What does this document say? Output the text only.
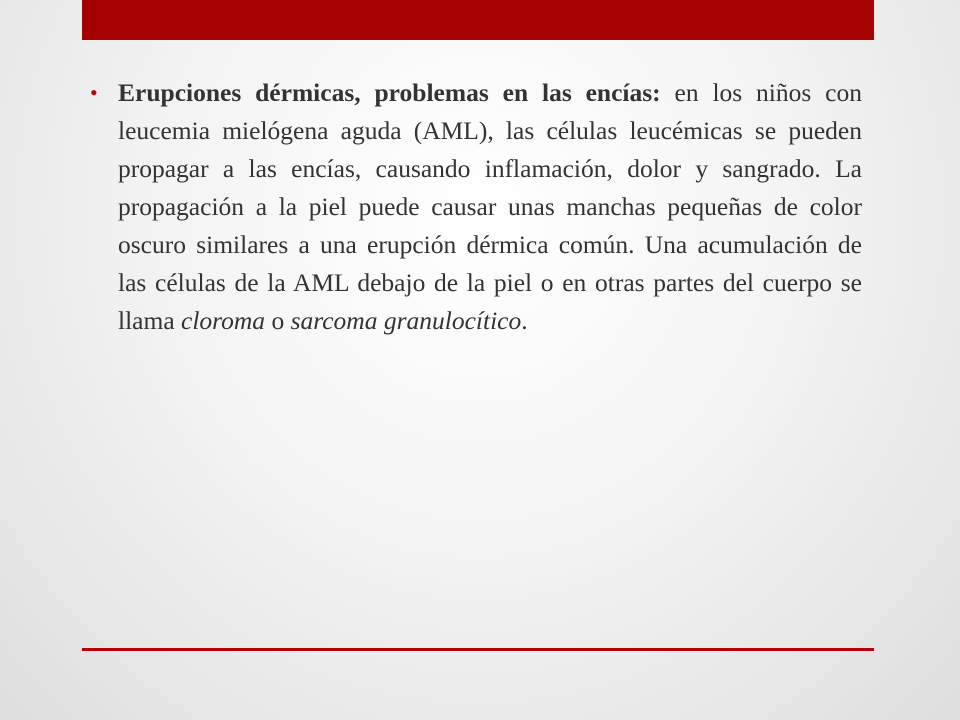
• Erupciones dérmicas, problemas en las encías: en los niños con leucemia mielógena aguda (AML), las células leucémicas se pueden propagar a las encías, causando inflamación, dolor y sangrado. La propagación a la piel puede causar unas manchas pequeñas de color oscuro similares a una erupción dérmica común. Una acumulación de las células de la AML debajo de la piel o en otras partes del cuerpo se llama cloroma o sarcoma granulocítico.
